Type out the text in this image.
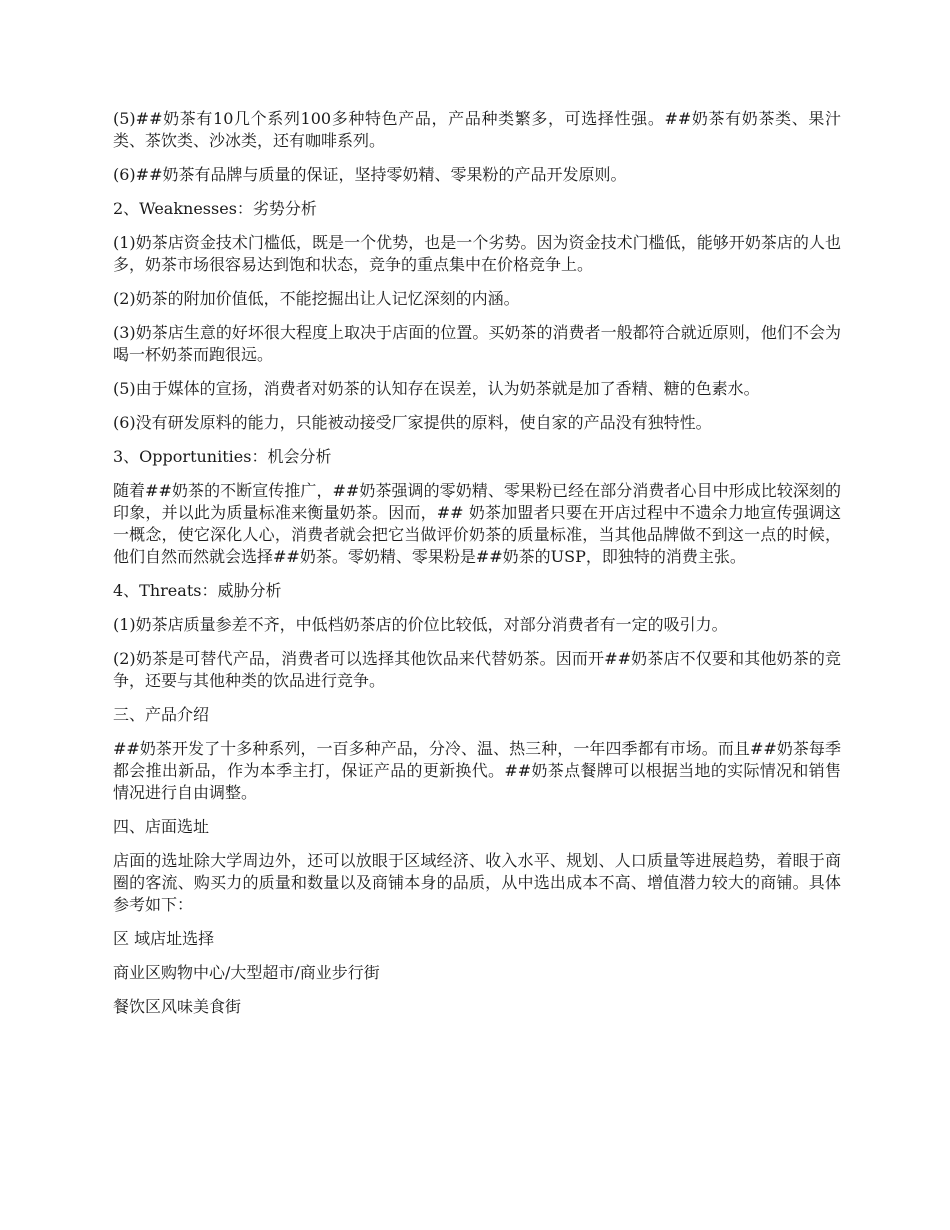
(5)##奶茶有10几个系列100多种特色产品，产品种类繁多，可选择性强。##奶茶有奶茶类、果汁类、茶饮类、沙冰类，还有咖啡系列。

(6)##奶茶有品牌与质量的保证，坚持零奶精、零果粉的产品开发原则。

2、Weaknesses：劣势分析

(1)奶茶店资金技术门槛低，既是一个优势，也是一个劣势。因为资金技术门槛低，能够开奶茶店的人也多，奶茶市场很容易达到饱和状态，竞争的重点集中在价格竞争上。

(2)奶茶的附加价值低，不能挖掘出让人记忆深刻的内涵。

(3)奶茶店生意的好坏很大程度上取决于店面的位置。买奶茶的消费者一般都符合就近原则，他们不会为喝一杯奶茶而跑很远。

(5)由于媒体的宣扬，消费者对奶茶的认知存在误差，认为奶茶就是加了香精、糖的色素水。

(6)没有研发原料的能力，只能被动接受厂家提供的原料，使自家的产品没有独特性。

3、Opportunities：机会分析

随着##奶茶的不断宣传推广，##奶茶强调的零奶精、零果粉已经在部分消费者心目中形成比较深刻的印象，并以此为质量标准来衡量奶茶。因而，## 奶茶加盟者只要在开店过程中不遗余力地宣传强调这一概念，使它深化人心，消费者就会把它当做评价奶茶的质量标准，当其他品牌做不到这一点的时候，他们自然而然就会选择##奶茶。零奶精、零果粉是##奶茶的USP，即独特的消费主张。

4、Threats：威胁分析

(1)奶茶店质量参差不齐，中低档奶茶店的价位比较低，对部分消费者有一定的吸引力。

(2)奶茶是可替代产品，消费者可以选择其他饮品来代替奶茶。因而开##奶茶店不仅要和其他奶茶的竞争，还要与其他种类的饮品进行竞争。

三、产品介绍

##奶茶开发了十多种系列，一百多种产品，分冷、温、热三种，一年四季都有市场。而且##奶茶每季都会推出新品，作为本季主打，保证产品的更新换代。##奶茶点餐牌可以根据当地的实际情况和销售情况进行自由调整。

四、店面选址

店面的选址除大学周边外，还可以放眼于区域经济、收入水平、规划、人口质量等进展趋势，着眼于商圈的客流、购买力的质量和数量以及商铺本身的品质，从中选出成本不高、增值潜力较大的商铺。具体参考如下：

区 域店址选择

商业区购物中心/大型超市/商业步行街

餐饮区风味美食街
